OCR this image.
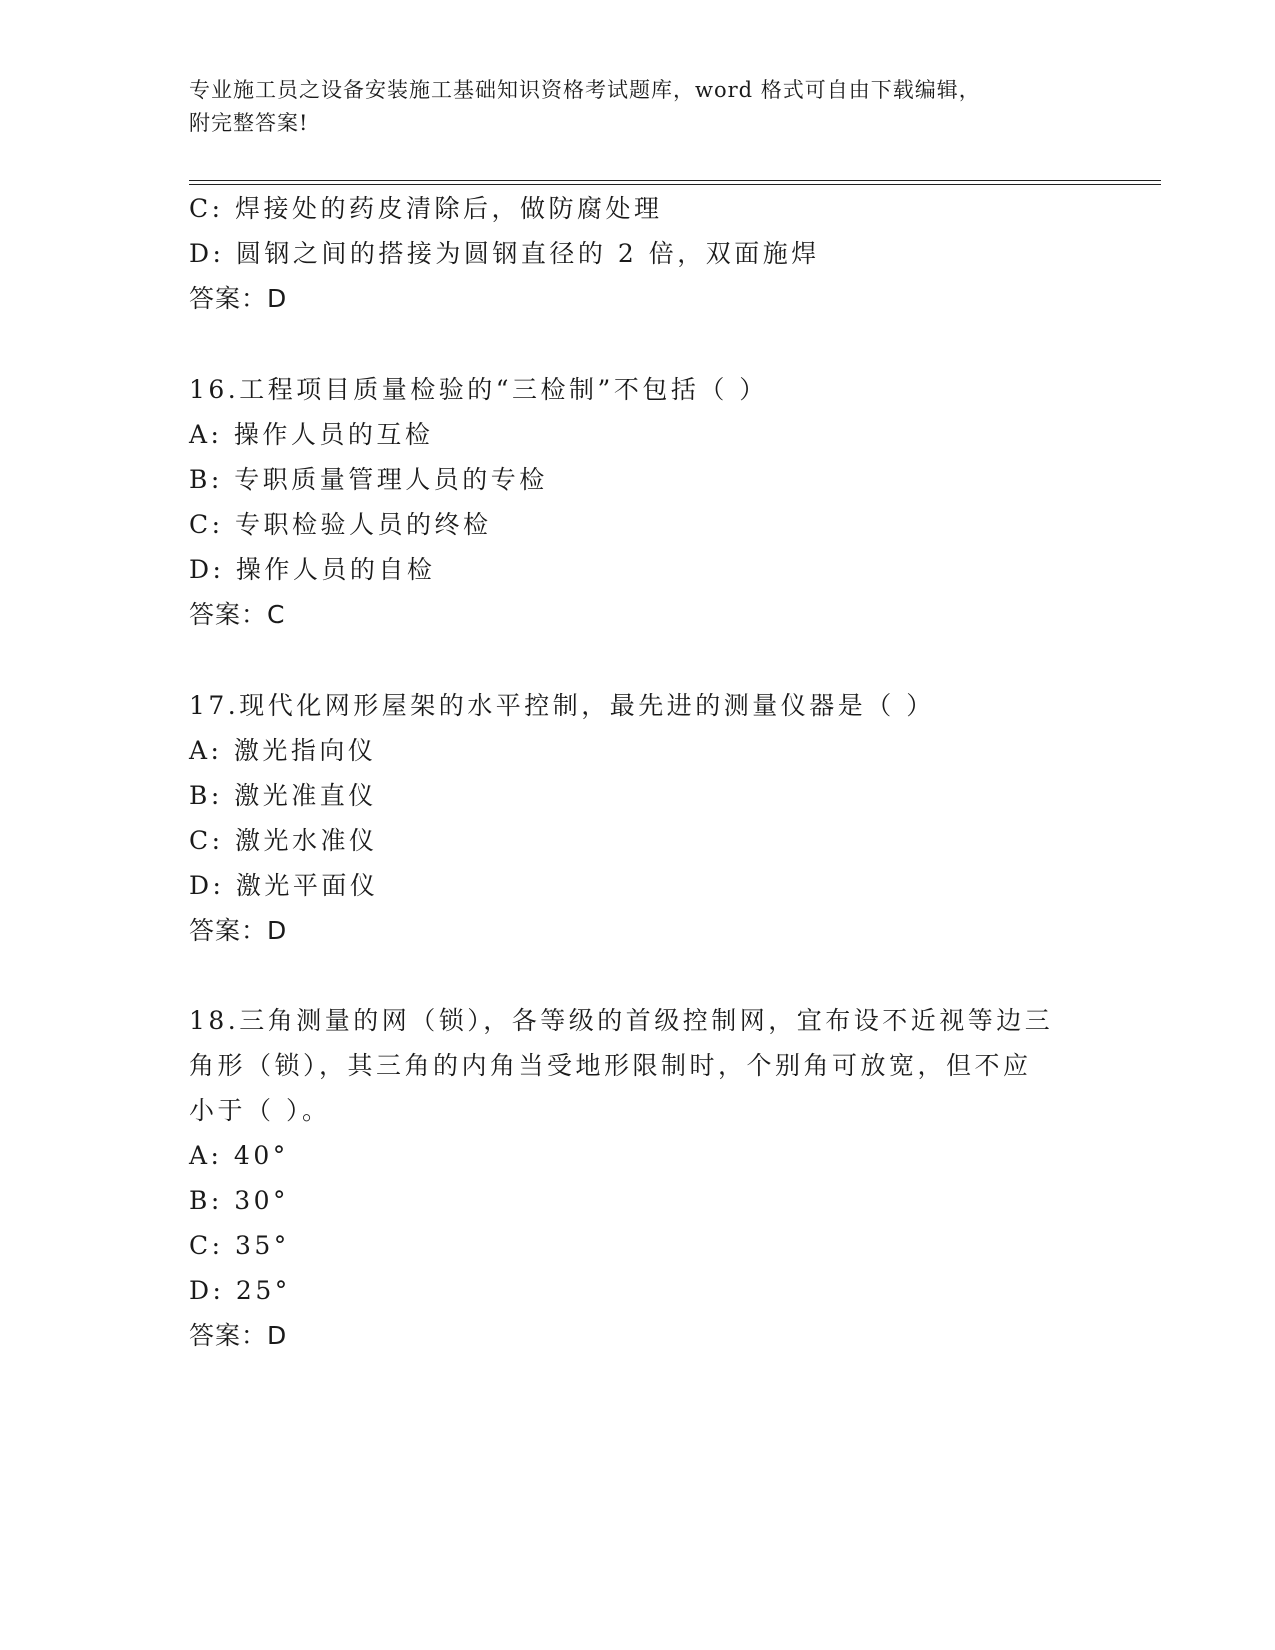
专业施工员之设备安装施工基础知识资格考试题库，word 格式可自由下载编辑，
附完整答案!
C: 焊接处的药皮清除后，做防腐处理
D: 圆钢之间的搭接为圆钢直径的 2 倍，双面施焊
答案：D
16.工程项目质量检验的“三检制”不包括（ ）
A: 操作人员的互检
B: 专职质量管理人员的专检
C: 专职检验人员的终检
D: 操作人员的自检
答案：C
17.现代化网形屋架的水平控制，最先进的测量仪器是（ ）
A: 激光指向仪
B: 激光准直仪
C: 激光水准仪
D: 激光平面仪
答案：D
18.三角测量的网（锁），各等级的首级控制网，宜布设不近视等边三
角形（锁），其三角的内角当受地形限制时，个别角可放宽，但不应
小于（ ）。
A: 40°
B: 30°
C: 35°
D: 25°
答案：D
